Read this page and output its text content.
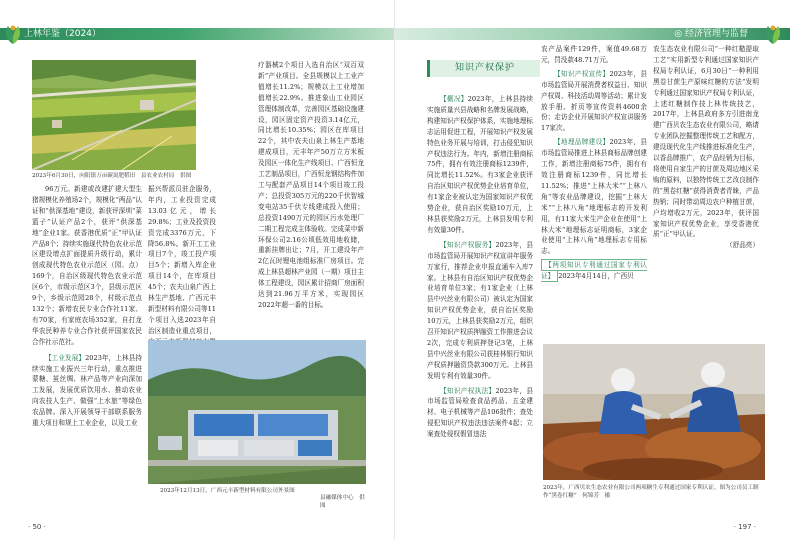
上林年鉴（2024）
2023年6月30日，向阳镇万亩碳氮肥稻田　县农业农村局　供图

96万元。新建或改建扩建大型生猪规模化养殖场2个，规模化“两品”认证和“供深基地”建设，新获评深圳“菜篮子”认证产品2个，获评“供深基地”企业1家。获香港优质“正”甲认证产品8个；持续实施现代特色农业示范区建设增点扩面提质升级行动，累计创成现代特色农业示范区（园、点）169个，自治区级现代特色农业示范区6个，市级示范区3个，县级示范区9个，乡级示范园28个，村级示范点132个；新增农民专业合作社11家、有70家，有家庭农场352家，自打龙华农民种养专业合作社获评国家农民合作社示范社。

【工业发展】2023年，上林县持续实施工业振兴三年行动，重点推进蒙糖、茧丝绸、林产品等产业向深加工发展，发展优质饮用水、推动农业向农技人生产、做强“上水旅”等绿色农品牌。深入开展领导干部联系服务重大项目和规上工业企业，以及工业

振兴帮派员驻企服务，年内，工业投资完成13.03亿元，增长29.8%；工业及投资投资完成3376万元，下降56.8%。新开工工业项目7个，竣工投产项目5个；新增入库企业项目14个，在库项目45个；农夫山泉广西上林生产基地、广西元丰新型材料有限公司等11个项目入选2023年自治区制造业重点项目，

疗器械2个项目入选自治区“双百双新”产业项目。全县规模以上工业产值增长11.2%；规模以上工业增加值增长22.9%。推进象山工业园区管理体制改革，完善园区基础设施建设，园区固定资产投资3.14亿元，同比增长10.35%；园区在库项目22个，其中农夫山泉上林生产基地建成项目，元丰年产50万立方米板及园区一体化生产线项目、广西恒龙工艺制品项目，广西恒龙钢结构件加工与配套产品项目14个项目竣工投产；总投资305万元的220千伏智城变电站35千伏专线建成投入使用；总投资1490万元的园区污水处理厂二期工程完成主体验收。完成菜申新环保公司2.16公顷低效用地收储，重新挂牌出让；7月，开工建设年产2亿瓦时锂电池组标准厂房项目。完成上林县超林产业园（一期）项目主体工程建设，园区累计招商厂房面积达到21.96万平方米，实现园区2022年超一番的目标。

2023年12月13日，广西元丰新型材料有限公司外景图
县融媒体中心　供图
· 50 ·
◎ 经济管理与监督
知识产权保护

【概况】2023年，上林县持续实施质量兴县战略和名牌发展战略，构建知识产权保护体系，实施地理标志运用促进工程，开展知识产权发展特色业务开展与培训，打击侵犯知识产权违法行为。年内，新增注册商标75件，拥有有效注册商标1239件，同比增长11.52%。有3家企业获评自治区知识产权优势企业培育单位，有1家企业被认定为国家知识产权优势企业，获自治区奖励10万元，上林县获奖励2万元，上林县发明专利有效量30件。

【知识产权服务】2023年，县市场监管局开展知识产权宣讲年服务万家行，推荐企业申报直通车入库7家。上林县有自治区知识产权优势企业培育单位3家；有1家企业（上林县中兴丝业有限公司）被认定为国家知识产权优势企业，获自治区奖励10万元，上林县获奖励2万元，组织召开知识产权质押融资工作推进会议2次，完成专利质押登记3笔，上林县中兴丝业有限公司获桂林银行知识产权质押融资贷款300万元。上林县发明专利有效量30件。

【知识产权执法】2023年，县市场监管局检查食品药品、五金建材、电子机械等产品106批件；查处侵犯知识产权违法违法案件4起；立案查处侵权假冒违法

农产品案件129件，案值49.68万元，罚没款48.71万元。

【知识产权宣传】2023年，县市场监管局开展消费者权益日、知识产权周、科技活动周等活动；累计发放手册、折页等宣传资料4600余份；走访企业开展知识产权宣讲服务17家次。

【地理品牌建设】2023年，县市场监管局推进上林县商标品牌创建工作，新增注册商标75件，拥有有效注册商标1239件，同比增长11.52%；推进“上林大米”“上林八角”等农业品牌建设，挖掘“上林大米”“上林八角”地理标志的开发利用，有11家大米生产企业在使用“上林大米”地理标志证明商标，3家企业使用“上林八角”地理标志专用标志。

【两项知识专利通过国家专利认证】 2023年4月14日，广西贝

农生态农业有限公司“一种红糙提取工艺”实用新型专利通过国家知识产权局专利认证，6月30日“一种利用黑卷甘蔗生产原味红糖的方法”发明专利通过国家知识产权局专利认证，上述红糖制作技上林传统技艺，2017年，上林县政府多方引进南龙建广西贝农生态农业有限公司，略请专业团队挖掘整理传统工艺和配方，建设现代化生产线推进标准化生产，以香品牌推广，农产品经销为目标，将使用自家生产的甘蔗及周边地区采购的原料，以独特传统工艺改良制作的“黑卷红糖”获得消费者青睐，产品热销；同时带动周边农户种植甘蔗，户均增收2万元，2023年，获评国家知识产权优势企业，享受香港优质“正”甲认证。

（舒品亮）

2023年，广西贝农生态农业有限公司两项糖生专利通过国家专利认证。图为公司员工制作“黑卷红糖”　何锦芳　摄
· 197 ·
